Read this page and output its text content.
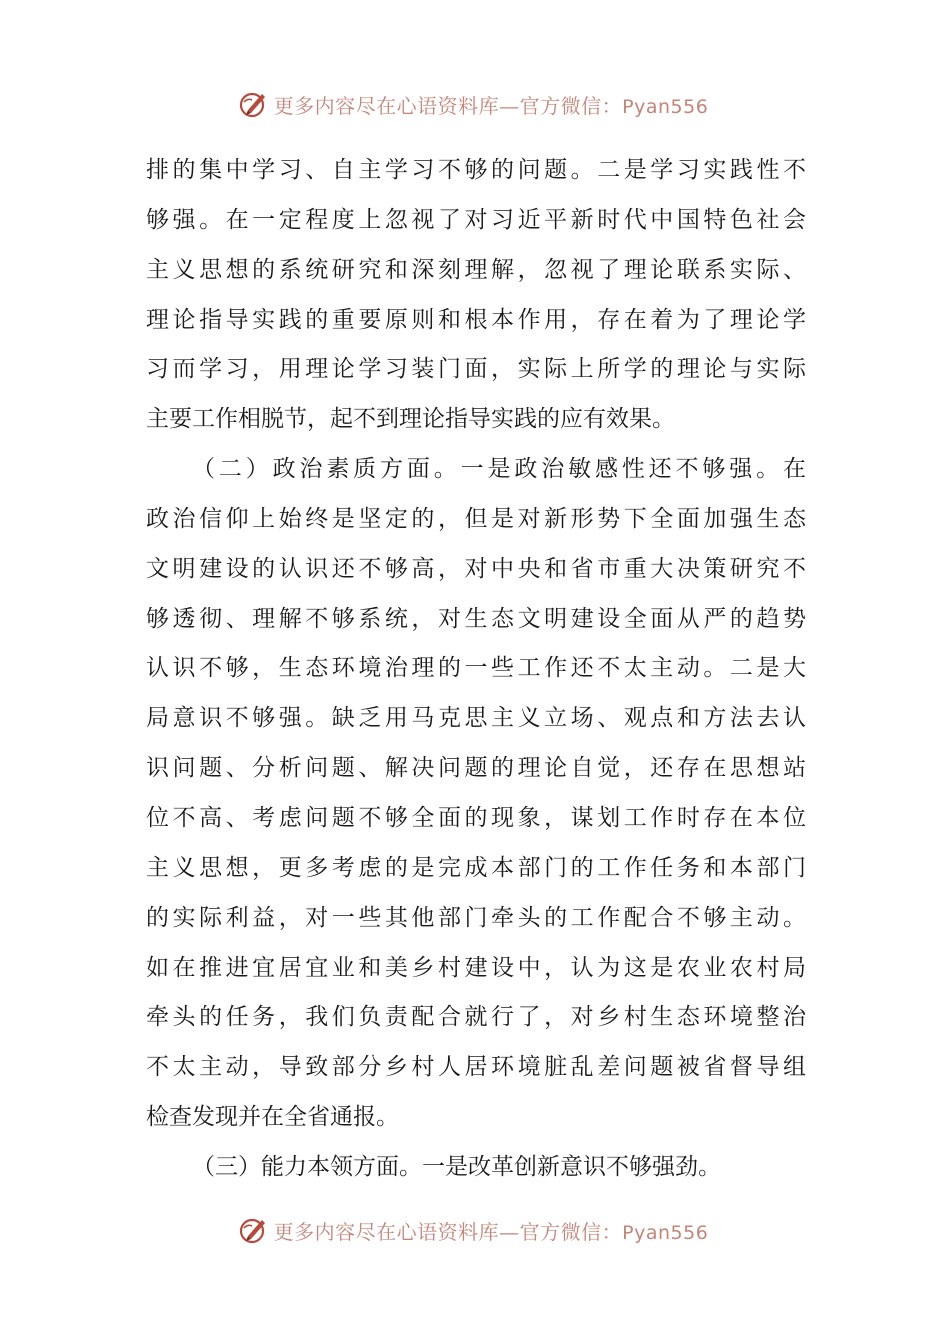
更多内容尽在心语资料库—官方微信：Pyan556
排的集中学习、自主学习不够的问题。二是学习实践性不
够强。在一定程度上忽视了对习近平新时代中国特色社会
主义思想的系统研究和深刻理解，忽视了理论联系实际、
理论指导实践的重要原则和根本作用，存在着为了理论学
习而学习，用理论学习装门面，实际上所学的理论与实际
主要工作相脱节，起不到理论指导实践的应有效果。
（二）政治素质方面。一是政治敏感性还不够强。在
政治信仰上始终是坚定的，但是对新形势下全面加强生态
文明建设的认识还不够高，对中央和省市重大决策研究不
够透彻、理解不够系统，对生态文明建设全面从严的趋势
认识不够，生态环境治理的一些工作还不太主动。二是大
局意识不够强。缺乏用马克思主义立场、观点和方法去认
识问题、分析问题、解决问题的理论自觉，还存在思想站
位不高、考虑问题不够全面的现象，谋划工作时存在本位
主义思想，更多考虑的是完成本部门的工作任务和本部门
的实际利益，对一些其他部门牵头的工作配合不够主动。
如在推进宜居宜业和美乡村建设中，认为这是农业农村局
牵头的任务，我们负责配合就行了，对乡村生态环境整治
不太主动，导致部分乡村人居环境脏乱差问题被省督导组
检查发现并在全省通报。
（三）能力本领方面。一是改革创新意识不够强劲。
更多内容尽在心语资料库—官方微信：Pyan556
